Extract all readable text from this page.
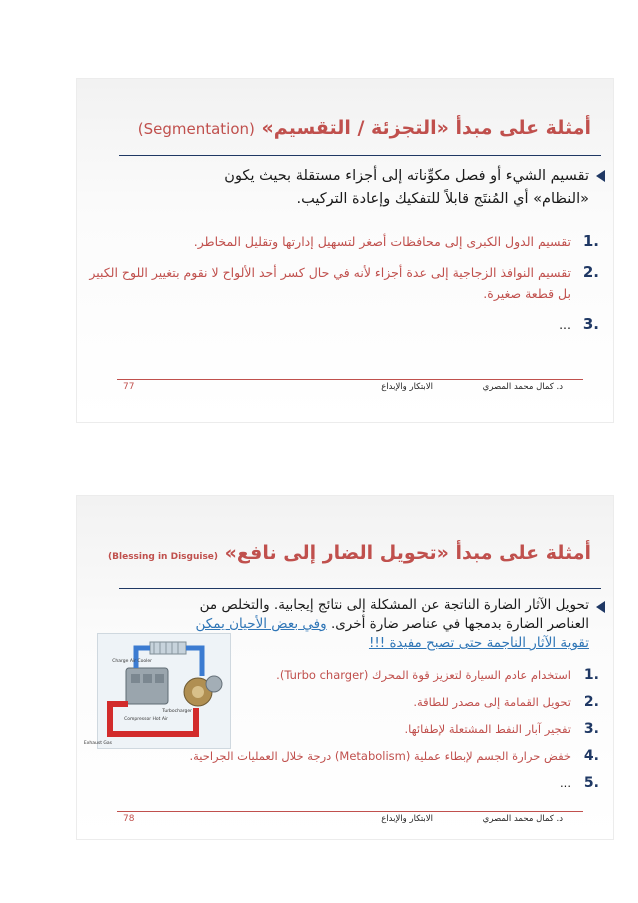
أمثلة على مبدأ «التجزئة / التقسيم» (Segmentation)
تقسيم الشيء أو فصل مكوِّناته إلى أجزاء مستقلة بحيث يكون
«النظام» أي المُنتَج قابلاً للتفكيك وإعادة التركيب.
.1
تقسيم الدول الكبرى إلى محافظات أصغر لتسهيل إدارتها وتقليل المخاطر.
.2
تقسيم النوافذ الزجاجية إلى عدة أجزاء لأنه في حال كسر أحد الألواح لا نقوم بتغيير اللوح الكبير بل قطعة صغيرة.
.3
...
د. كمال محمد المصري
الابتكار والإبداع
77
أمثلة على مبدأ «تحويل الضار إلى نافع» (Blessing in Disguise)
تحويل الآثار الضارة الناتجة عن المشكلة إلى نتائج إيجابية. والتخلص من
العناصر الضارة بدمجها في عناصر ضارة أخرى. وفي بعض الأحيان يمكن
تقوية الآثار الناجمة حتى تصبح مفيدة !!!
.1
استخدام عادم السيارة لتعزيز قوة المحرك (Turbo charger).
.2
تحويل القمامة إلى مصدر للطاقة.
.3
تفجير آبار النفط المشتعلة لإطفائها.
.4
خفض حرارة الجسم لإبطاء عملية (Metabolism) درجة خلال العمليات الجراحية.
.5
...
Charge Air Cooler
Compressor Hot Air
Turbocharger
Exhaust Gas
د. كمال محمد المصري
الابتكار والإبداع
78
